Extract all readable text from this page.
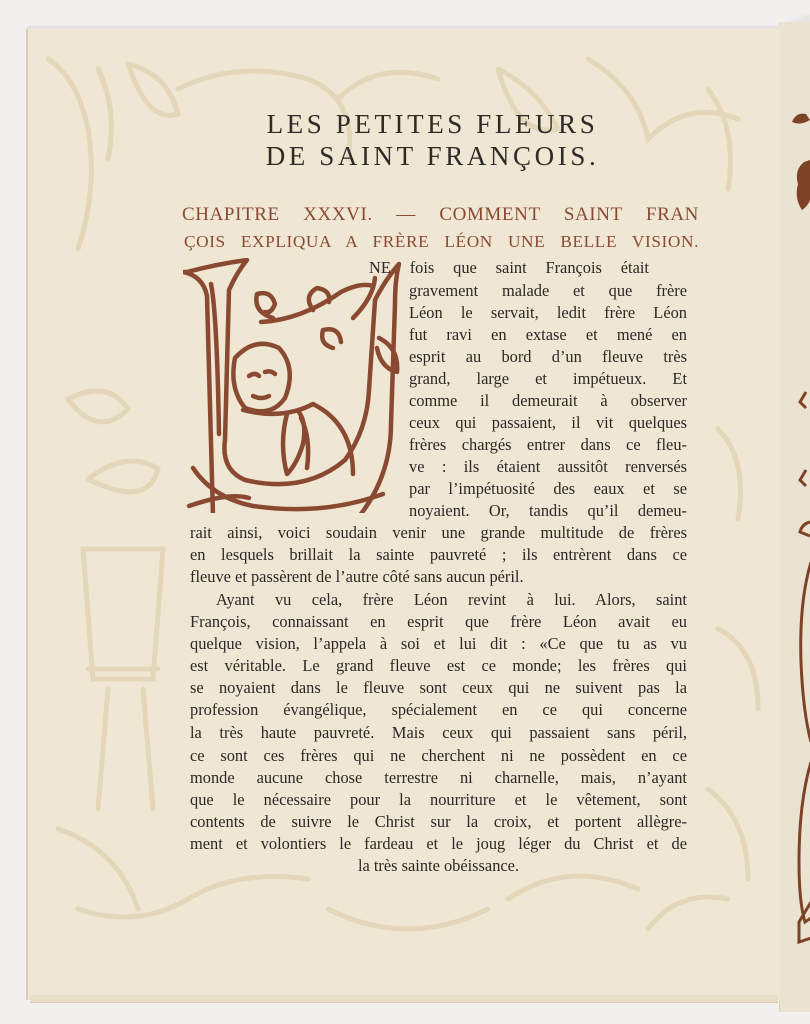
LES PETITES FLEURS
DE SAINT FRANÇOIS.
CHAPITRE XXXVI. — COMMENT SAINT FRAN
ÇOIS EXPLIQUA A FRÈRE LÉON UNE BELLE VISION.
NE fois que saint François était
gravement malade et que frère
Léon le servait, ledit frère Léon
fut ravi en extase et mené en
esprit au bord d’un fleuve très
grand, large et impétueux. Et
comme il demeurait à observer
ceux qui passaient, il vit quelques
frères chargés entrer dans ce fleu-
ve : ils étaient aussitôt renversés
par l’impétuosité des eaux et se
noyaient. Or, tandis qu’il demeu-
rait ainsi, voici soudain venir une grande multitude de frères
en lesquels brillait la sainte pauvreté ; ils entrèrent dans ce
fleuve et passèrent de l’autre côté sans aucun péril.
Ayant vu cela, frère Léon revint à lui. Alors, saint
François, connaissant en esprit que frère Léon avait eu
quelque vision, l’appela à soi et lui dit : «Ce que tu as vu
est véritable. Le grand fleuve est ce monde; les frères qui
se noyaient dans le fleuve sont ceux qui ne suivent pas la
profession évangélique, spécialement en ce qui concerne
la très haute pauvreté. Mais ceux qui passaient sans péril,
ce sont ces frères qui ne cherchent ni ne possèdent en ce
monde aucune chose terrestre ni charnelle, mais, n’ayant
que le nécessaire pour la nourriture et le vêtement, sont
contents de suivre le Christ sur la croix, et portent allègre-
ment et volontiers le fardeau et le joug léger du Christ et de
la très sainte obéissance.
